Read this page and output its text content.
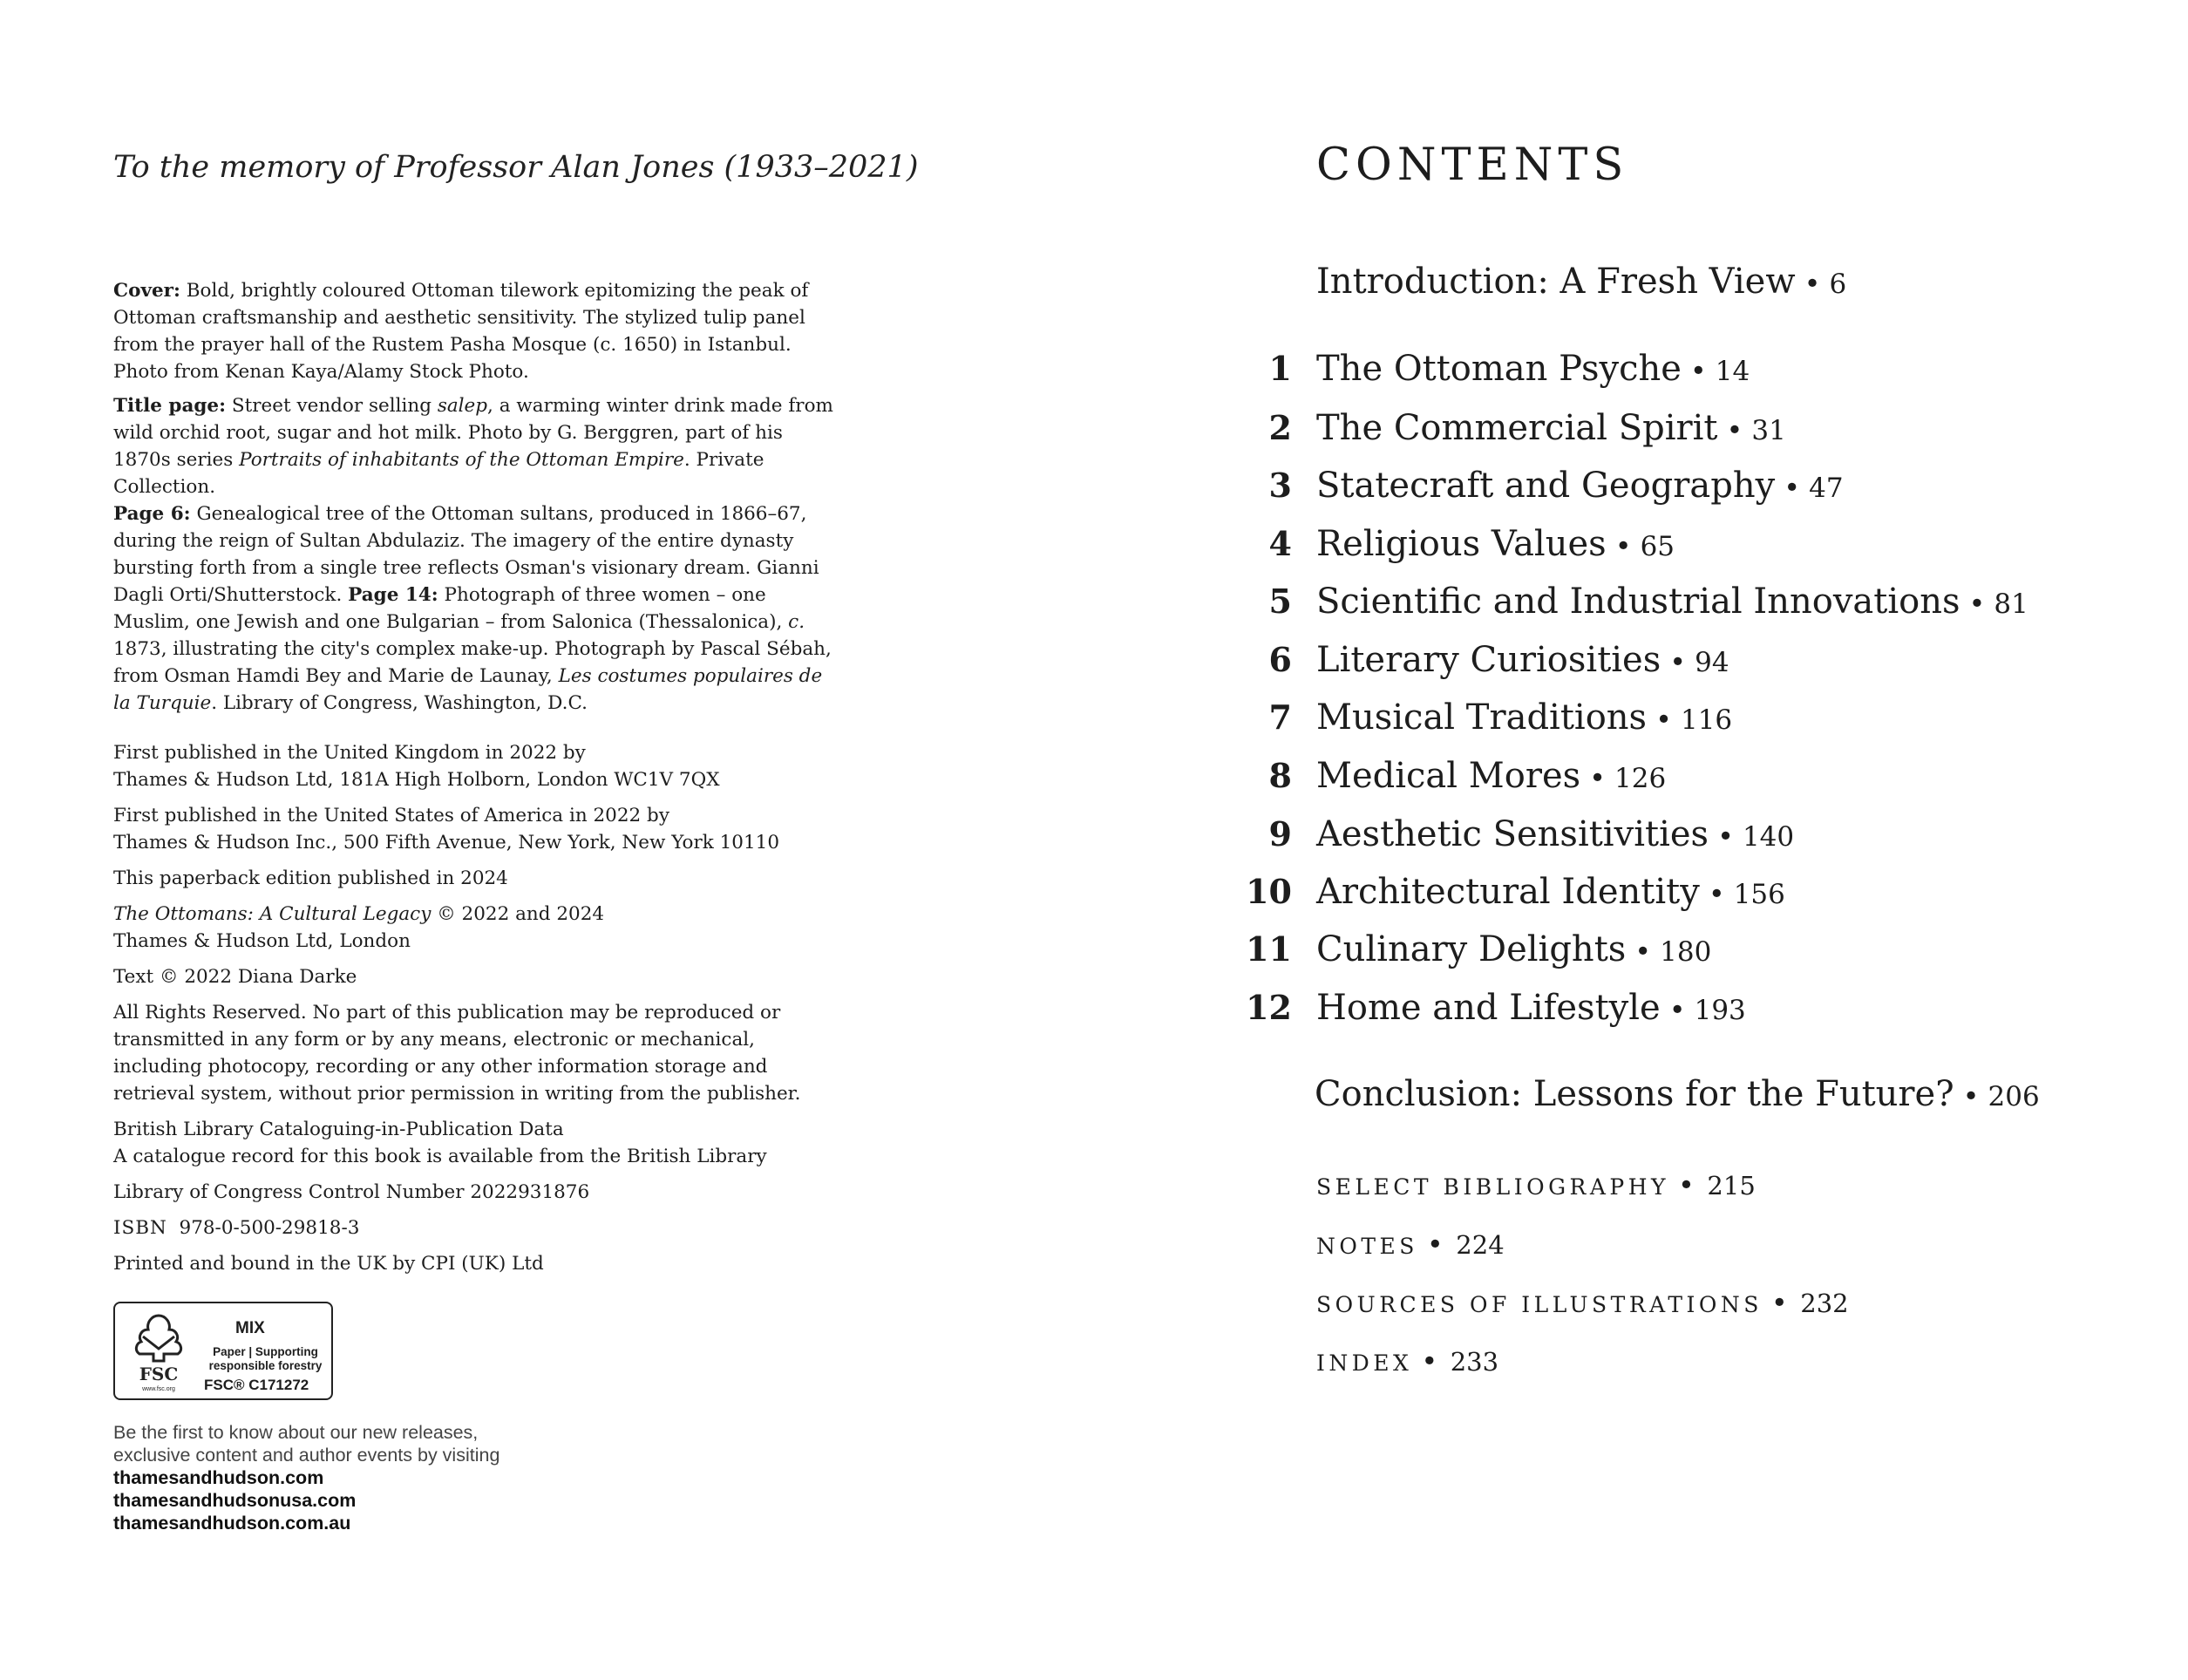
To the memory of Professor Alan Jones (1933–2021)

Cover: Bold, brightly coloured Ottoman tilework epitomizing the peak of Ottoman craftsmanship and aesthetic sensitivity. The stylized tulip panel from the prayer hall of the Rustem Pasha Mosque (c. 1650) in Istanbul. Photo from Kenan Kaya/Alamy Stock Photo.

Title page: Street vendor selling salep, a warming winter drink made from wild orchid root, sugar and hot milk. Photo by G. Berggren, part of his 1870s series Portraits of inhabitants of the Ottoman Empire. Private Collection.
Page 6: Genealogical tree of the Ottoman sultans, produced in 1866–67, during the reign of Sultan Abdulaziz. The imagery of the entire dynasty bursting forth from a single tree reflects Osman's visionary dream. Gianni Dagli Orti/Shutterstock. Page 14: Photograph of three women – one Muslim, one Jewish and one Bulgarian – from Salonica (Thessalonica), c. 1873, illustrating the city's complex make-up. Photograph by Pascal Sébah, from Osman Hamdi Bey and Marie de Launay, Les costumes populaires de la Turquie. Library of Congress, Washington, D.C.

First published in the United Kingdom in 2022 by
Thames & Hudson Ltd, 181A High Holborn, London WC1V 7QX

First published in the United States of America in 2022 by
Thames & Hudson Inc., 500 Fifth Avenue, New York, New York 10110

This paperback edition published in 2024

The Ottomans: A Cultural Legacy © 2022 and 2024
Thames & Hudson Ltd, London

Text © 2022 Diana Darke

All Rights Reserved. No part of this publication may be reproduced or transmitted in any form or by any means, electronic or mechanical, including photocopy, recording or any other information storage and retrieval system, without prior permission in writing from the publisher.

British Library Cataloguing-in-Publication Data
A catalogue record for this book is available from the British Library

Library of Congress Control Number 2022931876

ISBN 978-0-500-29818-3

Printed and bound in the UK by CPI (UK) Ltd

FSC
www.fsc.org
MIX
Paper | Supporting responsible forestry
FSC® C171272
Be the first to know about our new releases,
exclusive content and author events by visiting
thamesandhudson.com
thamesandhudsonusa.com
thamesandhudson.com.au
CONTENTS
Introduction: A Fresh View • 6
1 The Ottoman Psyche • 14
2 The Commercial Spirit • 31
3 Statecraft and Geography • 47
4 Religious Values • 65
5 Scientific and Industrial Innovations • 81
6 Literary Curiosities • 94
7 Musical Traditions • 116
8 Medical Mores • 126
9 Aesthetic Sensitivities • 140
10 Architectural Identity • 156
11 Culinary Delights • 180
12 Home and Lifestyle • 193
Conclusion: Lessons for the Future? • 206
SELECT BIBLIOGRAPHY • 215
NOTES • 224
SOURCES OF ILLUSTRATIONS • 232
INDEX • 233
